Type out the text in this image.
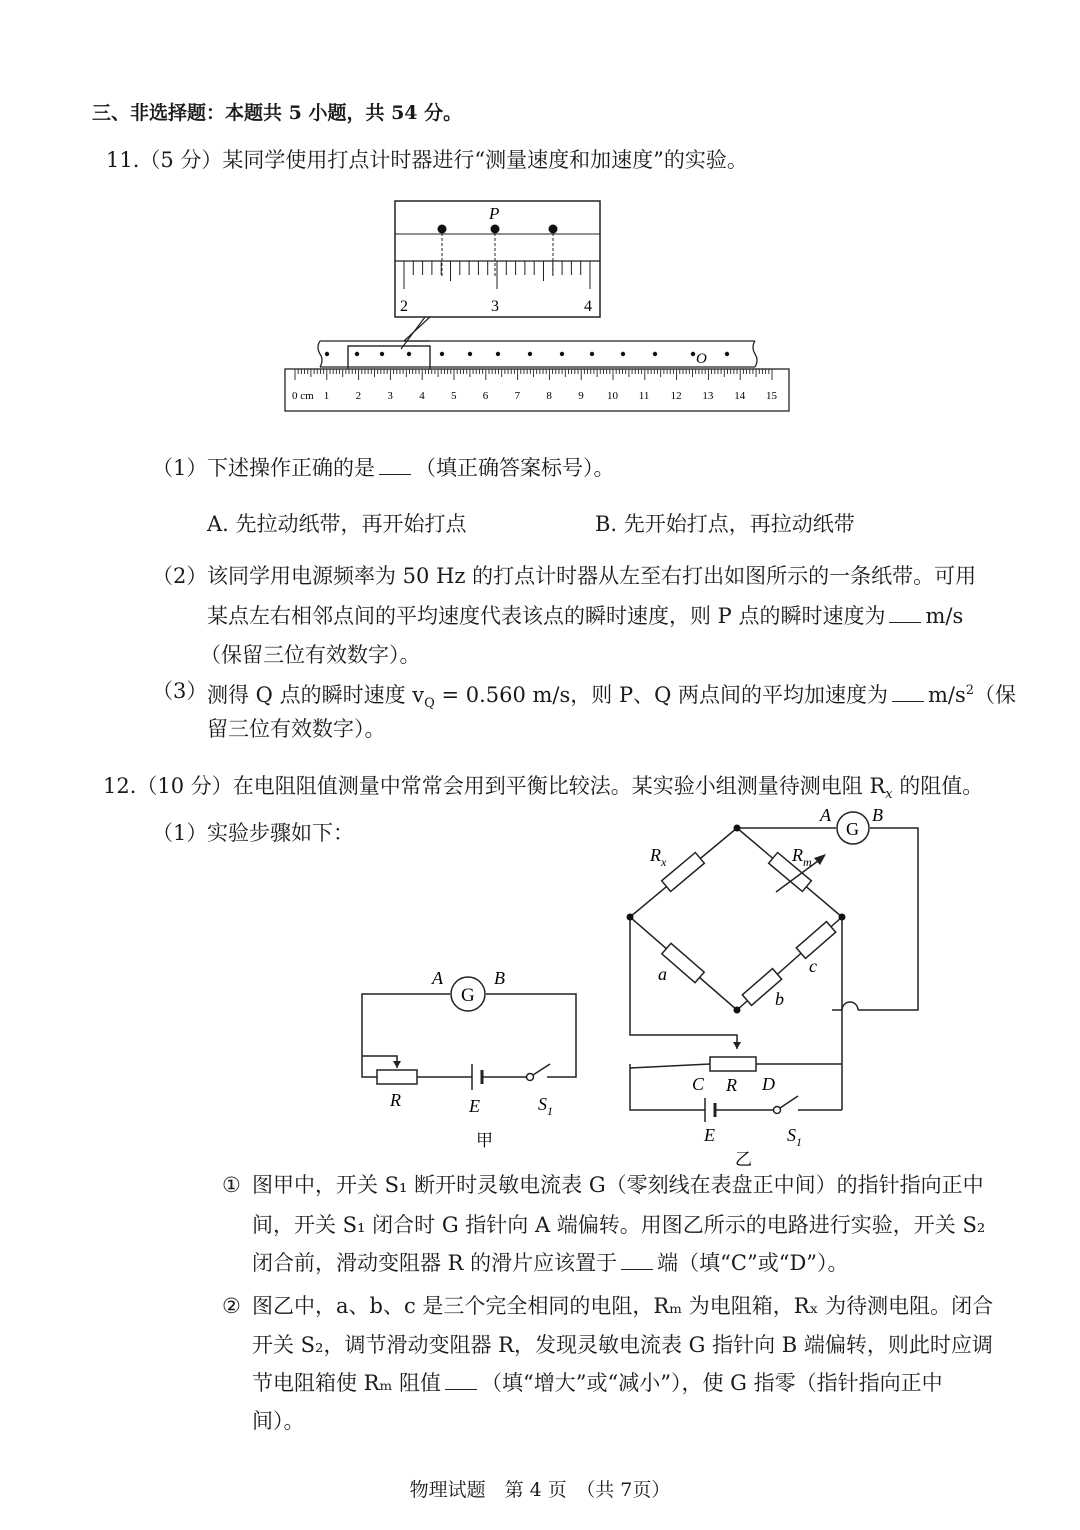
三、非选择题：本题共 5 小题，共 54 分。
11.（5 分）某同学使用打点计时器进行“测量速度和加速度”的实验。
P
2	3	4
O
0 cm 1 2 3 4 5 6 7 8 9 10 11 12 13 14 15
（1） 下述操作正确的是 （填正确答案标号）。
A. 先拉动纸带，再开始打点	B. 先开始打点，再拉动纸带
（2） 该同学用电源频率为 50 Hz 的打点计时器从左至右打出如图所示的一条纸带。可用
某点左右相邻点间的平均速度代表该点的瞬时速度，则 P 点的瞬时速度为 m/s
（保留三位有效数字）。
（3） 测得 Q 点的瞬时速度 $v_Q = 0.560$ m/s，则 P、Q 两点间的平均加速度为 $m/s^2$（保
留三位有效数字）。
12.（10 分）在电阻阻值测量中常常会用到平衡比较法。某实验小组测量待测电阻 $R_x$ 的阻值。
（1） 实验步骤如下：
G
A	B
R	E	$S_1$
甲
G
A B
$R_x$	$R_m$
a
b
c
C R D
E	$S_1$
乙
① 图甲中，开关 S₁ 断开时灵敏电流表 G（零刻线在表盘正中间）的指针指向正中
间，开关 S₁ 闭合时 G 指针向 A 端偏转。用图乙所示的电路进行实验，开关 S₂
闭合前，滑动变阻器 R 的滑片应该置于 端（填“C”或“D”）。
② 图乙中，a、b、c 是三个完全相同的电阻，Rₘ 为电阻箱，Rₓ 为待测电阻。闭合
开关 S₂，调节滑动变阻器 R，发现灵敏电流表 G 指针向 B 端偏转，则此时应调
节电阻箱使 Rₘ 阻值 （填“增大”或“减小”），使 G 指零（指针指向正中
间）。
物理试题　第 4 页　（共 7页）
